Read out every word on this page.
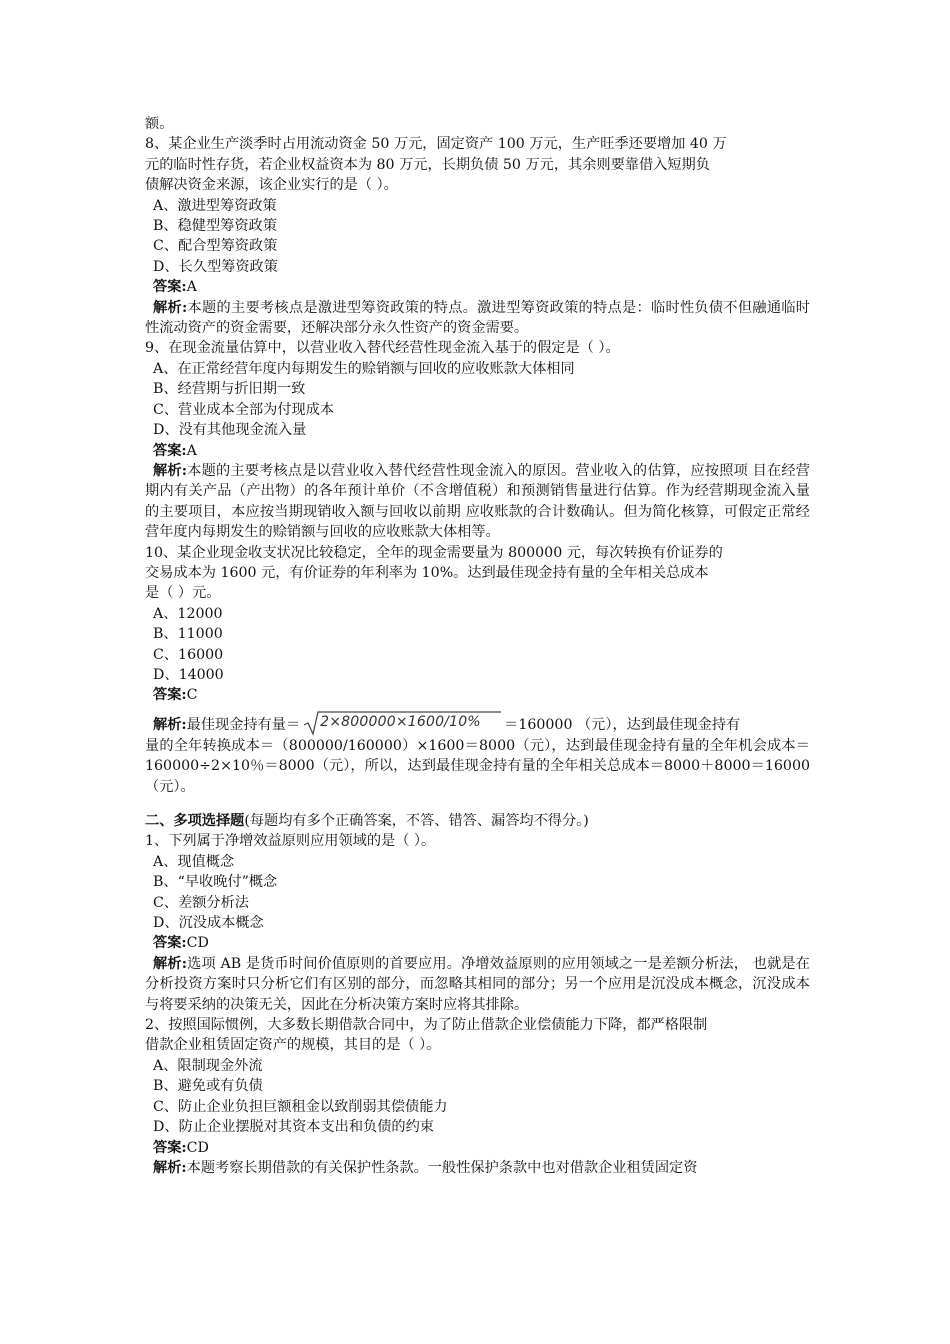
额。
8、某企业生产淡季时占用流动资金 50 万元，固定资产 100 万元，生产旺季还要增加 40 万
元的临时性存货，若企业权益资本为 80 万元，长期负债 50 万元，其余则要靠借入短期负
债解决资金来源，该企业实行的是（ ）。
A、激进型筹资政策
B、稳健型筹资政策
C、配合型筹资政策
D、长久型筹资政策
答案:A
解析:本题的主要考核点是激进型筹资政策的特点。激进型筹资政策的特点是：临时性负债不但融通临时性流动资产的资金需要，还解决部分永久性资产的资金需要。
9、在现金流量估算中，以营业收入替代经营性现金流入基于的假定是（ ）。
A、在正常经营年度内每期发生的赊销额与回收的应收账款大体相同
B、经营期与折旧期一致
C、营业成本全部为付现成本
D、没有其他现金流入量
答案:A
解析:本题的主要考核点是以营业收入替代经营性现金流入的原因。营业收入的估算，应按照项 目在经营期内有关产品（产出物）的各年预计单价（不含增值税）和预测销售量进行估算。作为经营期现金流入量的主要项目，本应按当期现销收入额与回收以前期 应收账款的合计数确认。但为简化核算，可假定正常经营年度内每期发生的赊销额与回收的应收账款大体相等。
10、某企业现金收支状况比较稳定，全年的现金需要量为 800000 元，每次转换有价证券的
交易成本为 1600 元，有价证券的年利率为 10%。达到最佳现金持有量的全年相关总成本
是（ ）元。
A、12000
B、11000
C、16000
D、14000
答案:C
解析: 最佳现金持有量＝ 2×800000×1600/10% ＝160000 （元），达到最佳现金持有
量的全年转换成本＝（800000/160000）×1600＝8000（元），达到最佳现金持有量的全年机会成本＝ 160000÷2×10％＝8000（元），所以，达到最佳现金持有量的全年相关总成本＝8000＋8000＝16000（元）。
二、多项选择题(每题均有多个正确答案，不答、错答、漏答均不得分。)
1、下列属于净增效益原则应用领域的是（ ）。
A、现值概念
B、“早收晚付”概念
C、差额分析法
D、沉没成本概念
答案:CD
解析:选项 AB 是货币时间价值原则的首要应用。净增效益原则的应用领域之一是差额分析法， 也就是在分析投资方案时只分析它们有区别的部分，而忽略其相同的部分；另一个应用是沉没成本概念，沉没成本与将要采纳的决策无关，因此在分析决策方案时应将其排除。
2、按照国际惯例，大多数长期借款合同中，为了防止借款企业偿债能力下降，都严格限制
借款企业租赁固定资产的规模，其目的是（ ）。
A、限制现金外流
B、避免或有负债
C、防止企业负担巨额租金以致削弱其偿债能力
D、防止企业摆脱对其资本支出和负债的约束
答案:CD
解析:本题考察长期借款的有关保护性条款。一般性保护条款中也对借款企业租赁固定资
